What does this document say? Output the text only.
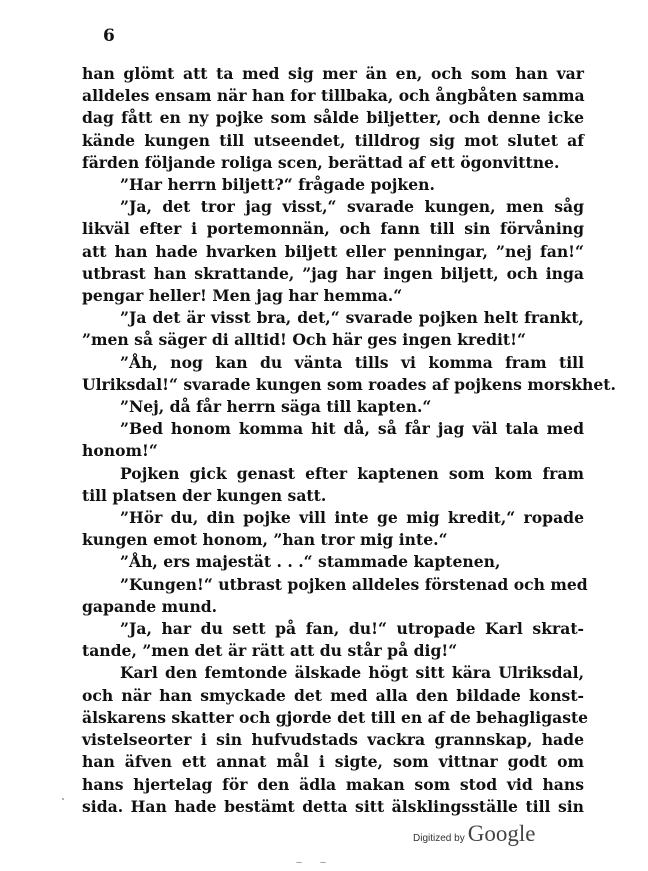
6
han glömt att ta med sig mer än en, och som han var
alldeles ensam när han for tillbaka, och ångbåten samma
dag fått en ny pojke som sålde biljetter, och denne icke
kände kungen till utseendet, tilldrog sig mot slutet af
färden följande roliga scen, berättad af ett ögonvittne.
”Har herrn biljett?“ frågade pojken.
”Ja, det tror jag visst,“ svarade kungen, men såg
likväl efter i portemonnän, och fann till sin förvåning
att han hade hvarken biljett eller penningar, ”nej fan!“
utbrast han skrattande, ”jag har ingen biljett, och inga
pengar heller! Men jag har hemma.“
”Ja det är visst bra, det,“ svarade pojken helt frankt,
”men så säger di alltid! Och här ges ingen kredit!“
”Åh, nog kan du vänta tills vi komma fram till
Ulriksdal!“ svarade kungen som roades af pojkens morskhet.
”Nej, då får herrn säga till kapten.“
”Bed honom komma hit då, så får jag väl tala med
honom!“
Pojken gick genast efter kaptenen som kom fram
till platsen der kungen satt.
”Hör du, din pojke vill inte ge mig kredit,“ ropade
kungen emot honom, ”han tror mig inte.“
”Åh, ers majestät . . .“ stammade kaptenen,
”Kungen!“ utbrast pojken alldeles förstenad och med
gapande mund.
”Ja, har du sett på fan, du!“ utropade Karl skrat-
tande, ”men det är rätt att du står på dig!“
Karl den femtonde älskade högt sitt kära Ulriksdal,
och när han smyckade det med alla den bildade konst-
älskarens skatter och gjorde det till en af de behagligaste
vistelseorter i sin hufvudstads vackra grannskap, hade
han äfven ett annat mål i sigte, som vittnar godt om
hans hjertelag för den ädla makan som stod vid hans
sida. Han hade bestämt detta sitt älsklingsställe till sin
Digitized by Google
